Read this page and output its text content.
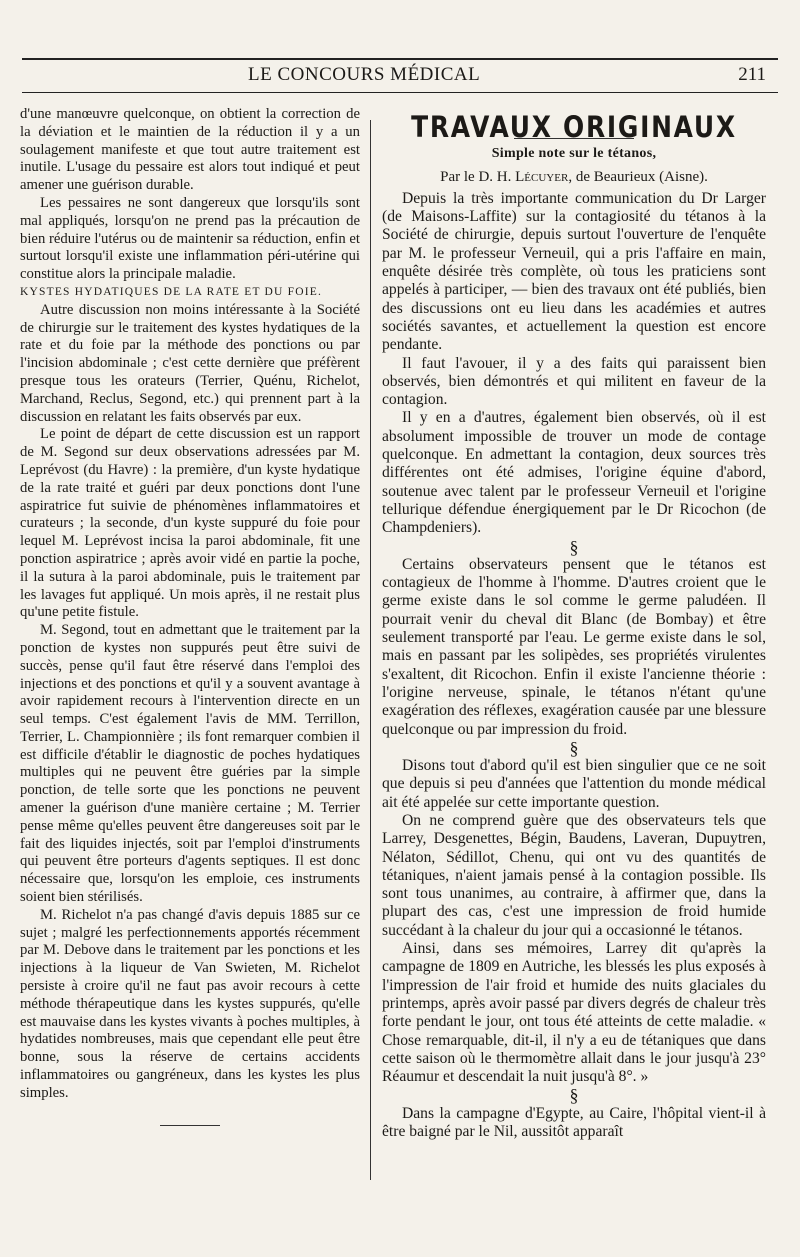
LE CONCOURS MÉDICAL	211

d'une manœuvre quelconque, on obtient la correction de la déviation et le maintien de la réduction il y a un soulagement manifeste et que tout autre traitement est inutile. L'usage du pessaire est alors tout indiqué et peut amener une guérison durable.

Les pessaires ne sont dangereux que lorsqu'ils sont mal appliqués, lorsqu'on ne prend pas la précaution de bien réduire l'utérus ou de maintenir sa réduction, enfin et surtout lorsqu'il existe une inflammation péri-utérine qui constitue alors la principale maladie.

KYSTES HYDATIQUES DE LA RATE ET DU FOIE.

Autre discussion non moins intéressante à la Société de chirurgie sur le traitement des kystes hydatiques de la rate et du foie par la méthode des ponctions ou par l'incision abdominale ; c'est cette dernière que préfèrent presque tous les orateurs (Terrier, Quénu, Richelot, Marchand, Reclus, Segond, etc.) qui prennent part à la discussion en relatant les faits observés par eux.

Le point de départ de cette discussion est un rapport de M. Segond sur deux observations adressées par M. Leprévost (du Havre) : la première, d'un kyste hydatique de la rate traité et guéri par deux ponctions dont l'une aspiratrice fut suivie de phénomènes inflammatoires et curateurs ; la seconde, d'un kyste suppuré du foie pour lequel M. Leprévost incisa la paroi abdominale, fit une ponction aspiratrice ; après avoir vidé en partie la poche, il la sutura à la paroi abdominale, puis le traitement par les lavages fut appliqué. Un mois après, il ne restait plus qu'une petite fistule.

M. Segond, tout en admettant que le traitement par la ponction de kystes non suppurés peut être suivi de succès, pense qu'il faut être réservé dans l'emploi des injections et des ponctions et qu'il y a souvent avantage à avoir rapidement recours à l'intervention directe en un seul temps. C'est également l'avis de MM. Terrillon, Terrier, L. Championnière ; ils font remarquer combien il est difficile d'établir le diagnostic de poches hydatiques multiples qui ne peuvent être guéries par la simple ponction, de telle sorte que les ponctions ne peuvent amener la guérison d'une manière certaine ; M. Terrier pense même qu'elles peuvent être dangereuses soit par le fait des liquides injectés, soit par l'emploi d'instruments qui peuvent être porteurs d'agents septiques. Il est donc nécessaire que, lorsqu'on les emploie, ces instruments soient bien stérilisés.

M. Richelot n'a pas changé d'avis depuis 1885 sur ce sujet ; malgré les perfectionnements apportés récemment par M. Debove dans le traitement par les ponctions et les injections à la liqueur de Van Swieten, M. Richelot persiste à croire qu'il ne faut pas avoir recours à cette méthode thérapeutique dans les kystes suppurés, qu'elle est mauvaise dans les kystes vivants à poches multiples, à hydatides nombreuses, mais que cependant elle peut être bonne, sous la réserve de certains accidents inflammatoires ou gangréneux, dans les kystes les plus simples.

TRAVAUX ORIGINAUX
Simple note sur le tétanos,
Par le D. H. Lécuyer, de Beaurieux (Aisne).

Depuis la très importante communication du Dr Larger (de Maisons-Laffite) sur la contagiosité du tétanos à la Société de chirurgie, depuis surtout l'ouverture de l'enquête par M. le professeur Verneuil, qui a pris l'affaire en main, enquête désirée très complète, où tous les praticiens sont appelés à participer, — bien des travaux ont été publiés, bien des discussions ont eu lieu dans les académies et autres sociétés savantes, et actuellement la question est encore pendante.

Il faut l'avouer, il y a des faits qui paraissent bien observés, bien démontrés et qui militent en faveur de la contagion.

Il y en a d'autres, également bien observés, où il est absolument impossible de trouver un mode de contage quelconque. En admettant la contagion, deux sources très différentes ont été admises, l'origine équine d'abord, soutenue avec talent par le professeur Verneuil et l'origine tellurique défendue énergiquement par le Dr Ricochon (de Champdeniers).

§

Certains observateurs pensent que le tétanos est contagieux de l'homme à l'homme. D'autres croient que le germe existe dans le sol comme le germe paludéen. Il pourrait venir du cheval dit Blanc (de Bombay) et être seulement transporté par l'eau. Le germe existe dans le sol, mais en passant par les solipèdes, ses propriétés virulentes s'exaltent, dit Ricochon. Enfin il existe l'ancienne théorie : l'origine nerveuse, spinale, le tétanos n'étant qu'une exagération des réflexes, exagération causée par une blessure quelconque ou par impression du froid.

§

Disons tout d'abord qu'il est bien singulier que ce ne soit que depuis si peu d'années que l'attention du monde médical ait été appelée sur cette importante question.

On ne comprend guère que des observateurs tels que Larrey, Desgenettes, Bégin, Baudens, Laveran, Dupuytren, Nélaton, Sédillot, Chenu, qui ont vu des quantités de tétaniques, n'aient jamais pensé à la contagion possible. Ils sont tous unanimes, au contraire, à affirmer que, dans la plupart des cas, c'est une impression de froid humide succédant à la chaleur du jour qui a occasionné le tétanos.

Ainsi, dans ses mémoires, Larrey dit qu'après la campagne de 1809 en Autriche, les blessés les plus exposés à l'impression de l'air froid et humide des nuits glaciales du printemps, après avoir passé par divers degrés de chaleur très forte pendant le jour, ont tous été atteints de cette maladie. « Chose remarquable, dit-il, il n'y a eu de tétaniques que dans cette saison où le thermomètre allait dans le jour jusqu'à 23° Réaumur et descendait la nuit jusqu'à 8°. »

§

Dans la campagne d'Egypte, au Caire, l'hôpital vient-il à être baigné par le Nil, aussitôt apparaît
